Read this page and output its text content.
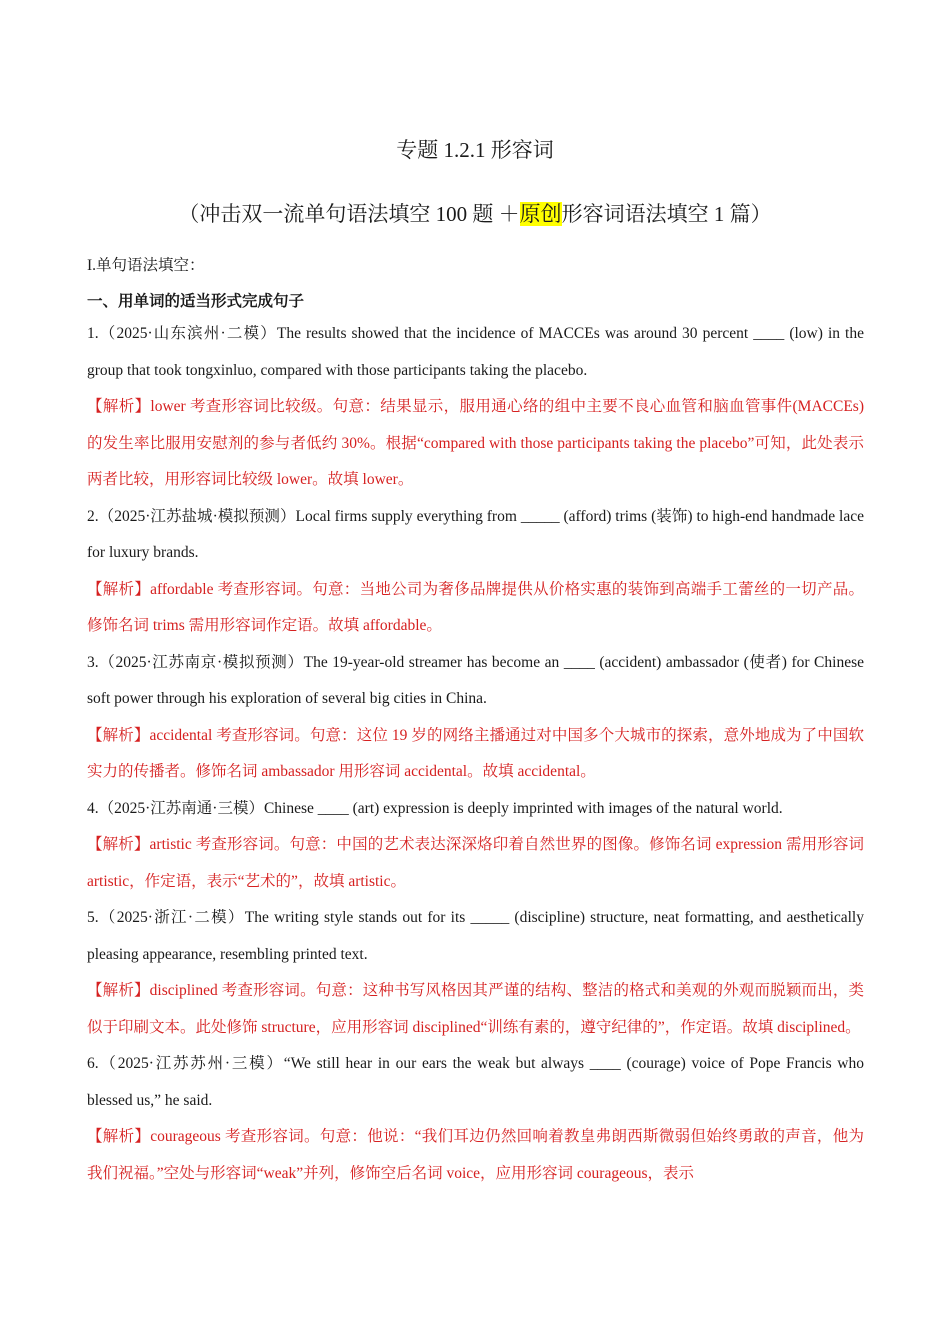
专题 1.2.1 形容词
（冲击双一流单句语法填空 100 题 ＋原创形容词语法填空 1 篇）
I.单句语法填空：
一、用单词的适当形式完成句子

1.（2025·山东滨州·二模）The results showed that the incidence of MACCEs was around 30 percent ____ (low) in the group that took tongxinluo, compared with those participants taking the placebo.

【解析】lower 考查形容词比较级。句意：结果显示，服用通心络的组中主要不良心血管和脑血管事件(MACCEs)的发生率比服用安慰剂的参与者低约 30%。根据“compared with those participants taking the placebo”可知，此处表示两者比较，用形容词比较级 lower。故填 lower。

2.（2025·江苏盐城·模拟预测）Local firms supply everything from _____ (afford) trims (装饰) to high-end handmade lace for luxury brands.

【解析】affordable 考查形容词。句意：当地公司为奢侈品牌提供从价格实惠的装饰到高端手工蕾丝的一切产品。修饰名词 trims 需用形容词作定语。故填 affordable。

3.（2025·江苏南京·模拟预测）The 19-year-old streamer has become an ____ (accident) ambassador (使者) for Chinese soft power through his exploration of several big cities in China.

【解析】accidental 考查形容词。句意：这位 19 岁的网络主播通过对中国多个大城市的探索，意外地成为了中国软实力的传播者。修饰名词 ambassador 用形容词 accidental。故填 accidental。

4.（2025·江苏南通·三模）Chinese ____ (art) expression is deeply imprinted with images of the natural world.

【解析】artistic 考查形容词。句意：中国的艺术表达深深烙印着自然世界的图像。修饰名词 expression 需用形容词 artistic，作定语，表示“艺术的”，故填 artistic。

5.（2025·浙江·二模）The writing style stands out for its _____ (discipline) structure, neat formatting, and aesthetically pleasing appearance, resembling printed text.

【解析】disciplined 考查形容词。句意：这种书写风格因其严谨的结构、整洁的格式和美观的外观而脱颖而出，类似于印刷文本。此处修饰 structure，应用形容词 disciplined“训练有素的，遵守纪律的”，作定语。故填 disciplined。

6.（2025·江苏苏州·三模）“We still hear in our ears the weak but always ____ (courage) voice of Pope Francis who blessed us,” he said.

【解析】courageous 考查形容词。句意：他说：“我们耳边仍然回响着教皇弗朗西斯微弱但始终勇敢的声音，他为我们祝福。”空处与形容词“weak”并列，修饰空后名词 voice，应用形容词 courageous，表示
